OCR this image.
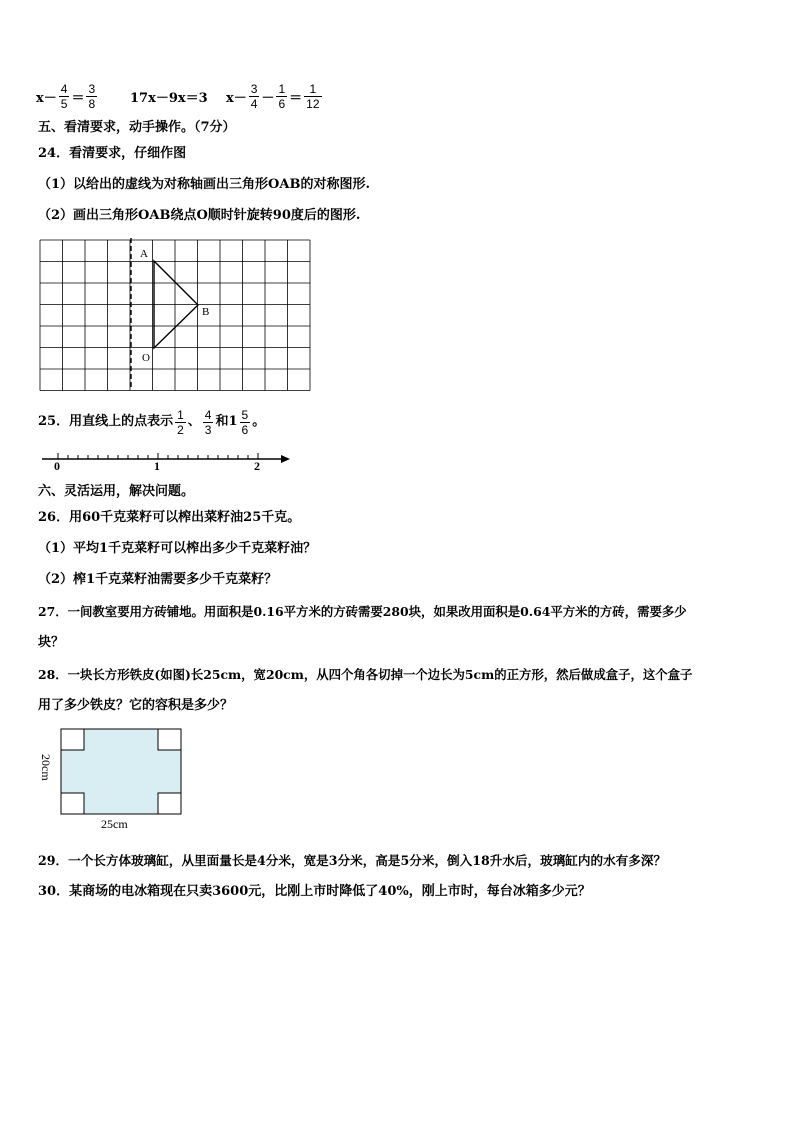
$x- \frac{4}{5} = \frac{3}{8}$	17x－9x＝3 $x- \frac{3}{4} - \frac{1}{6} = \frac{1}{12}$
五、看清要求，动手操作。（7分）
24．看清要求，仔细作图
（1）以给出的虚线为对称轴画出三角形OAB的对称图形.
（2）画出三角形OAB绕点O顺时针旋转90度后的图形.
A
B
O
25．用直线上的点表示 $\frac{1}{2}$ 、 $\frac{4}{3}$ 和 $1 \frac{5}{6}$ 。
0	1	2
六、灵活运用，解决问题。
26．用60千克菜籽可以榨出菜籽油25千克。
（1）平均1千克菜籽可以榨出多少千克菜籽油？
（2）榨1千克菜籽油需要多少千克菜籽？
27．一间教室要用方砖铺地。用面积是0.16平方米的方砖需要280块，如果改用面积是0.64平方米的方砖，需要多少
块？
28．一块长方形铁皮(如图)长25cm，宽20cm，从四个角各切掉一个边长为5cm的正方形，然后做成盒子，这个盒子
用了多少铁皮？它的容积是多少？
20cm
25cm
29．一个长方体玻璃缸，从里面量长是4分米，宽是3分米，高是5分米，倒入18升水后，玻璃缸内的水有多深？
30．某商场的电冰箱现在只卖3600元，比刚上市时降低了40%，刚上市时，每台冰箱多少元？
